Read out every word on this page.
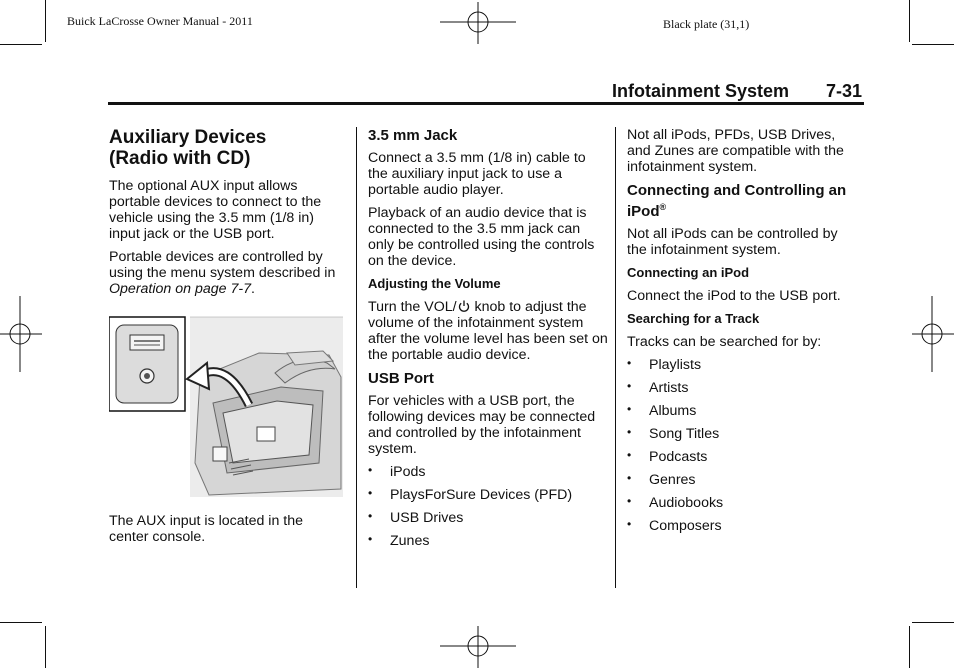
Buick LaCrosse Owner Manual - 2011	Black plate (31,1)
Infotainment System 7-31
Auxiliary Devices
(Radio with CD)

The optional AUX input allows portable devices to connect to the vehicle using the 3.5 mm (1/8 in) input jack or the USB port.

Portable devices are controlled by using the menu system described in Operation on page 7-7.

The AUX input is located in the center console.

3.5 mm Jack

Connect a 3.5 mm (1/8 in) cable to the auxiliary input jack to use a portable audio player.

Playback of an audio device that is connected to the 3.5 mm jack can only be controlled using the controls on the device.

Adjusting the Volume

Turn the VOL/ knob to adjust the volume of the infotainment system after the volume level has been set on the portable audio device.

USB Port

For vehicles with a USB port, the following devices may be connected and controlled by the infotainment system.

• iPods
• PlaysForSure Devices (PFD)
• USB Drives
• Zunes

Not all iPods, PFDs, USB Drives, and Zunes are compatible with the infotainment system.

Connecting and Controlling an iPod®

Not all iPods can be controlled by the infotainment system.

Connecting an iPod

Connect the iPod to the USB port.

Searching for a Track

Tracks can be searched for by:

• Playlists
• Artists
• Albums
• Song Titles
• Podcasts
• Genres
• Audiobooks
• Composers
